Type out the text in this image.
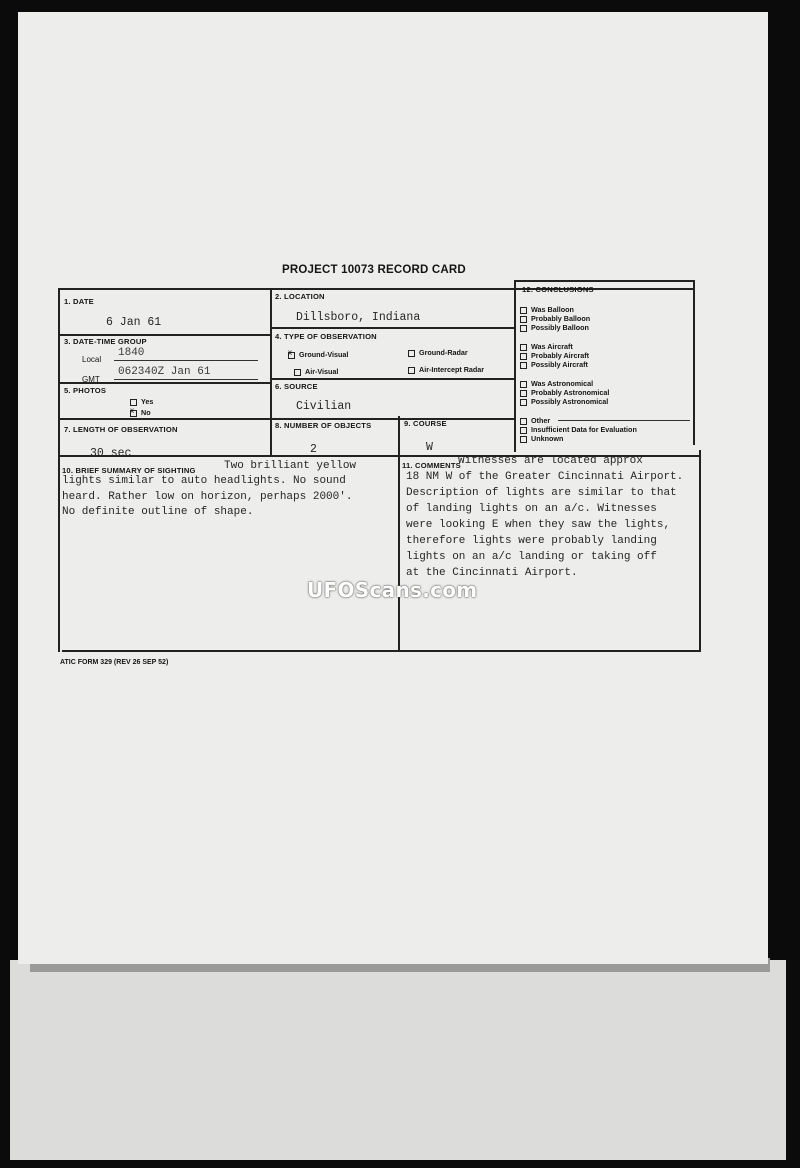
PROJECT 10073 RECORD CARD
1. DATE
6 Jan 61
2. LOCATION
Dillsboro, Indiana
3. DATE-TIME GROUP
Local
1840
GMT
062340Z Jan 61
4. TYPE OF OBSERVATION
xGround-Visual	Ground-Radar
Air-Visual	Air-Intercept Radar
5. PHOTOS
Yes
xNo
6. SOURCE
Civilian
7. LENGTH OF OBSERVATION
30 sec
8. NUMBER OF OBJECTS
2
9. COURSE
W
10. BRIEF SUMMARY OF SIGHTING	Two brilliant yellow
lights similar to auto headlights. No sound
heard. Rather low on horizon, perhaps 2000'.
No definite outline of shape.
11. COMMENTS
Witnesses are located approx
18 NM W of the Greater Cincinnati Airport.
Description of lights are similar to that
of landing lights on an a/c. Witnesses
were looking E when they saw the lights,
therefore lights were probably landing
lights on an a/c landing or taking off
at the Cincinnati Airport.
12. CONCLUSIONS
Was Balloon
Probably Balloon
Possibly Balloon
Was Aircraft
Probably Aircraft
Possibly Aircraft
Was Astronomical
Probably Astronomical
Possibly Astronomical
Other
Insufficient Data for Evaluation
Unknown
ATIC FORM 329 (REV 26 SEP 52)
UFOScans.com
